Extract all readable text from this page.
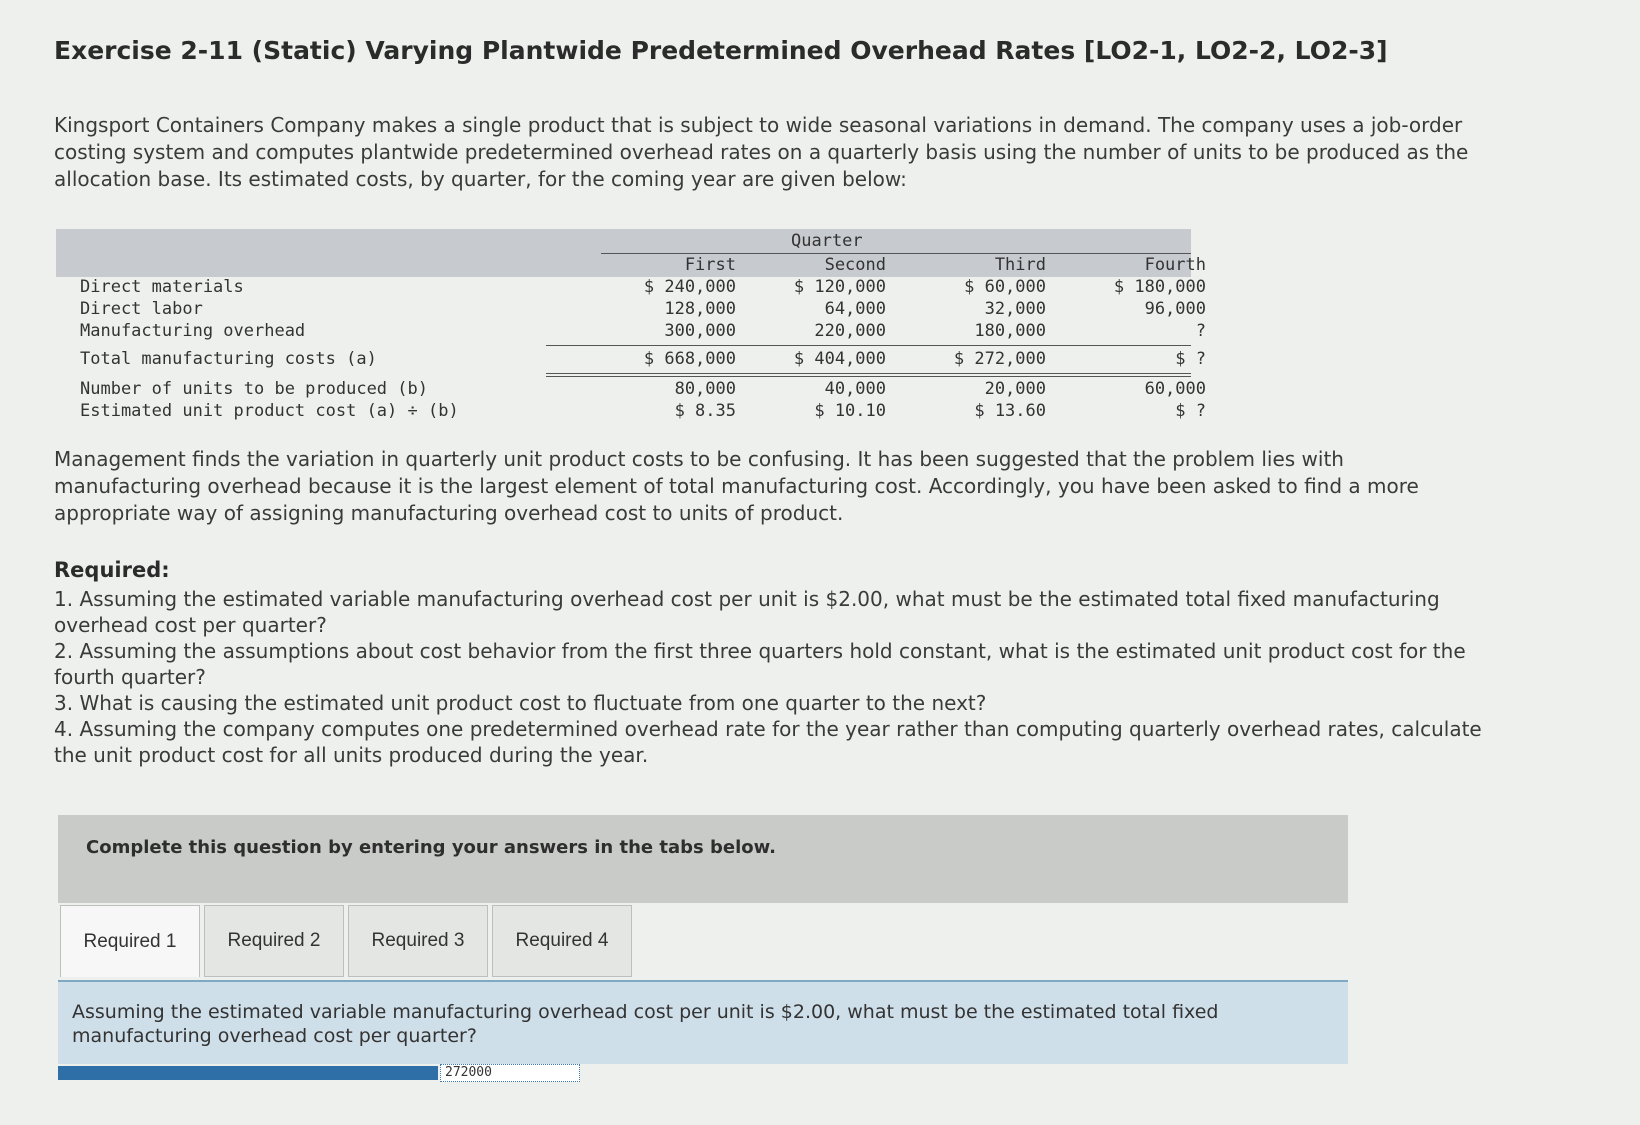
Exercise 2-11 (Static) Varying Plantwide Predetermined Overhead Rates [LO2-1, LO2-2, LO2-3]

Kingsport Containers Company makes a single product that is subject to wide seasonal variations in demand. The company uses a job-order costing system and computes plantwide predetermined overhead rates on a quarterly basis using the number of units to be produced as the allocation base. Its estimated costs, by quarter, for the coming year are given below:

Quarter
First	Second	Third	Fourth
Direct materials	$ 240,000	$ 120,000	$ 60,000	$ 180,000
Direct labor	128,000	64,000	32,000	96,000
Manufacturing overhead	300,000	220,000	180,000	?
Total manufacturing costs (a)	$ 668,000	$ 404,000	$ 272,000	$ ?
Number of units to be produced (b)	80,000	40,000	20,000	60,000
Estimated unit product cost (a) ÷ (b)	$ 8.35	$ 10.10	$ 13.60	$ ?

Management finds the variation in quarterly unit product costs to be confusing. It has been suggested that the problem lies with manufacturing overhead because it is the largest element of total manufacturing cost. Accordingly, you have been asked to find a more appropriate way of assigning manufacturing overhead cost to units of product.

Required:

1. Assuming the estimated variable manufacturing overhead cost per unit is $2.00, what must be the estimated total fixed manufacturing overhead cost per quarter?

2. Assuming the assumptions about cost behavior from the first three quarters hold constant, what is the estimated unit product cost for the fourth quarter?

3. What is causing the estimated unit product cost to fluctuate from one quarter to the next?

4. Assuming the company computes one predetermined overhead rate for the year rather than computing quarterly overhead rates, calculate the unit product cost for all units produced during the year.

Complete this question by entering your answers in the tabs below.
Required 1	Required 2	Required 3	Required 4
Assuming the estimated variable manufacturing overhead cost per unit is $2.00, what must be the estimated total fixed manufacturing overhead cost per quarter?
272000
